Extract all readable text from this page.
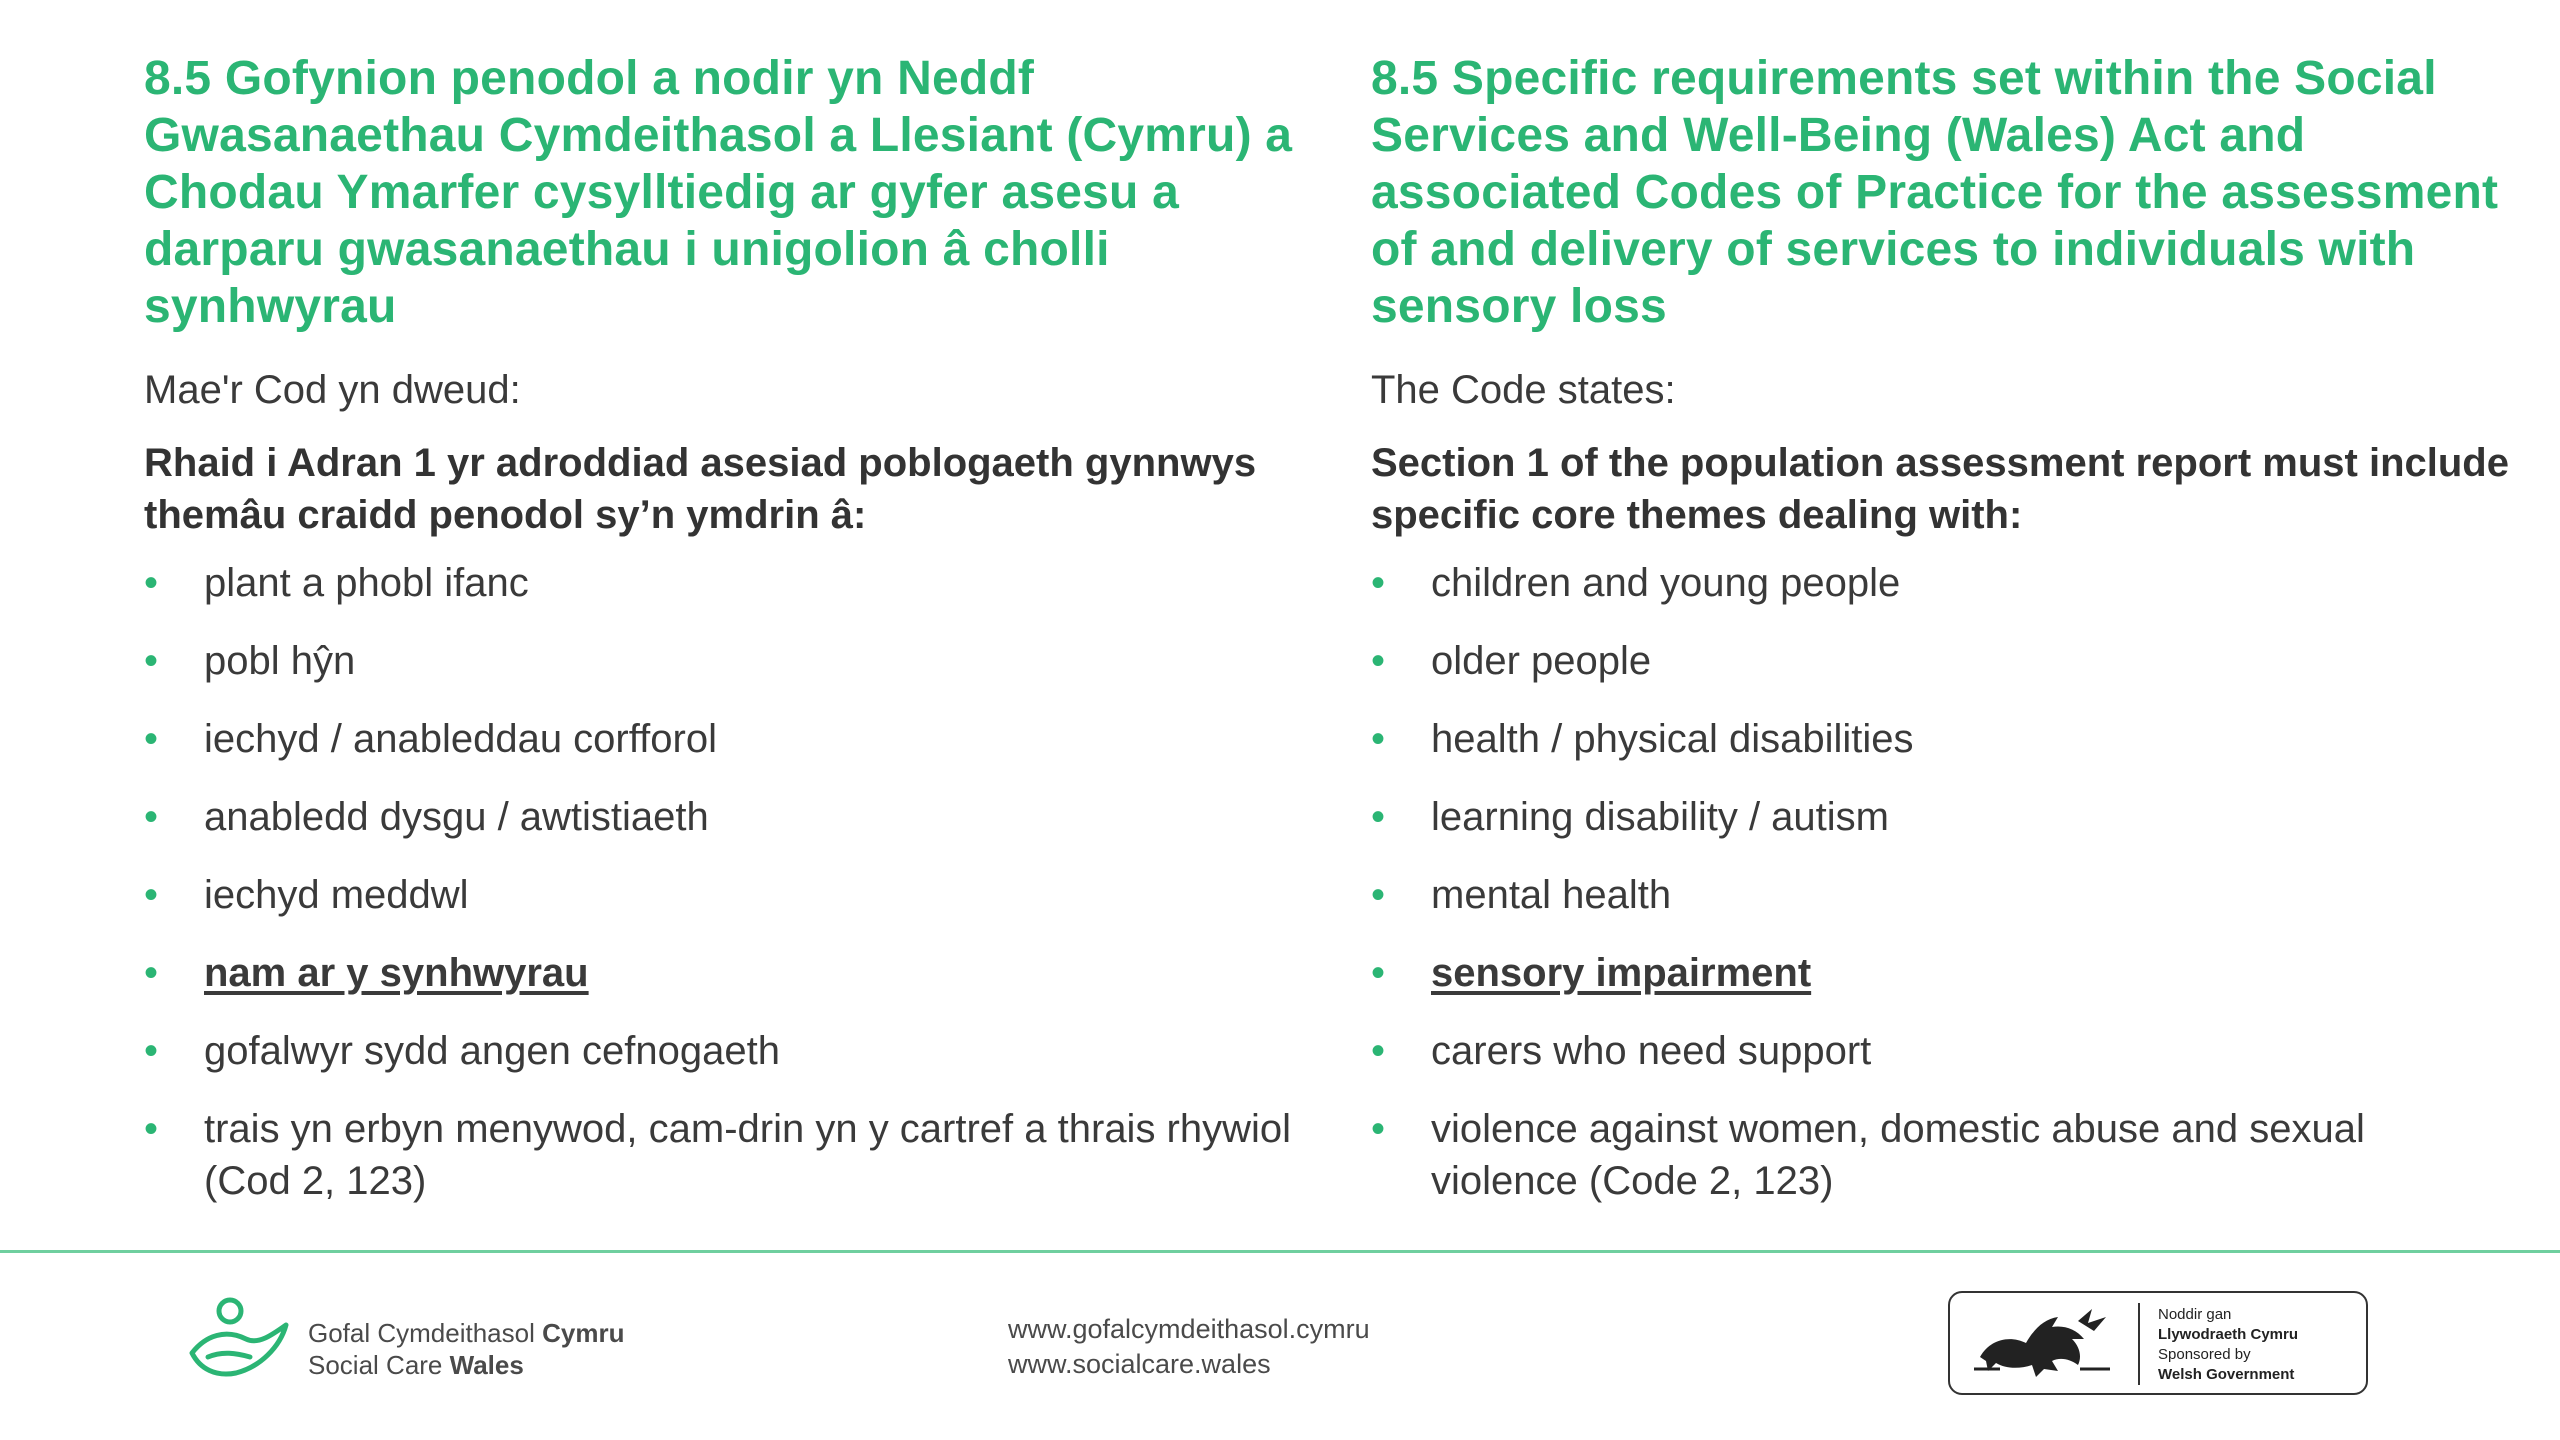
8.5 Gofynion penodol a nodir yn Neddf Gwasanaethau Cymdeithasol a Llesiant (Cymru) a Chodau Ymarfer cysylltiedig ar gyfer asesu a darparu gwasanaethau i unigolion â cholli synhwyrau

Mae'r Cod yn dweud:

Rhaid i Adran 1 yr adroddiad asesiad poblogaeth gynnwys themâu craidd penodol sy’n ymdrin â:

• plant a phobl ifanc
• pobl hŷn
• iechyd / anableddau corfforol
• anabledd dysgu / awtistiaeth
• iechyd meddwl
• nam ar y synhwyrau
• gofalwyr sydd angen cefnogaeth
• trais yn erbyn menywod, cam-drin yn y cartref a thrais rhywiol (Cod 2, 123)
8.5 Specific requirements set within the Social Services and Well-Being (Wales) Act and associated Codes of Practice for the assessment of and delivery of services to individuals with sensory loss

The Code states:

Section 1 of the population assessment report must include specific core themes dealing with:

• children and young people
• older people
• health / physical disabilities
• learning disability / autism
• mental health
• sensory impairment
• carers who need support
• violence against women, domestic abuse and sexual violence (Code 2, 123)
Gofal Cymdeithasol Cymru
Social Care Wales
www.gofalcymdeithasol.cymru
www.socialcare.wales
Noddir gan
Llywodraeth Cymru
Sponsored by
Welsh Government
